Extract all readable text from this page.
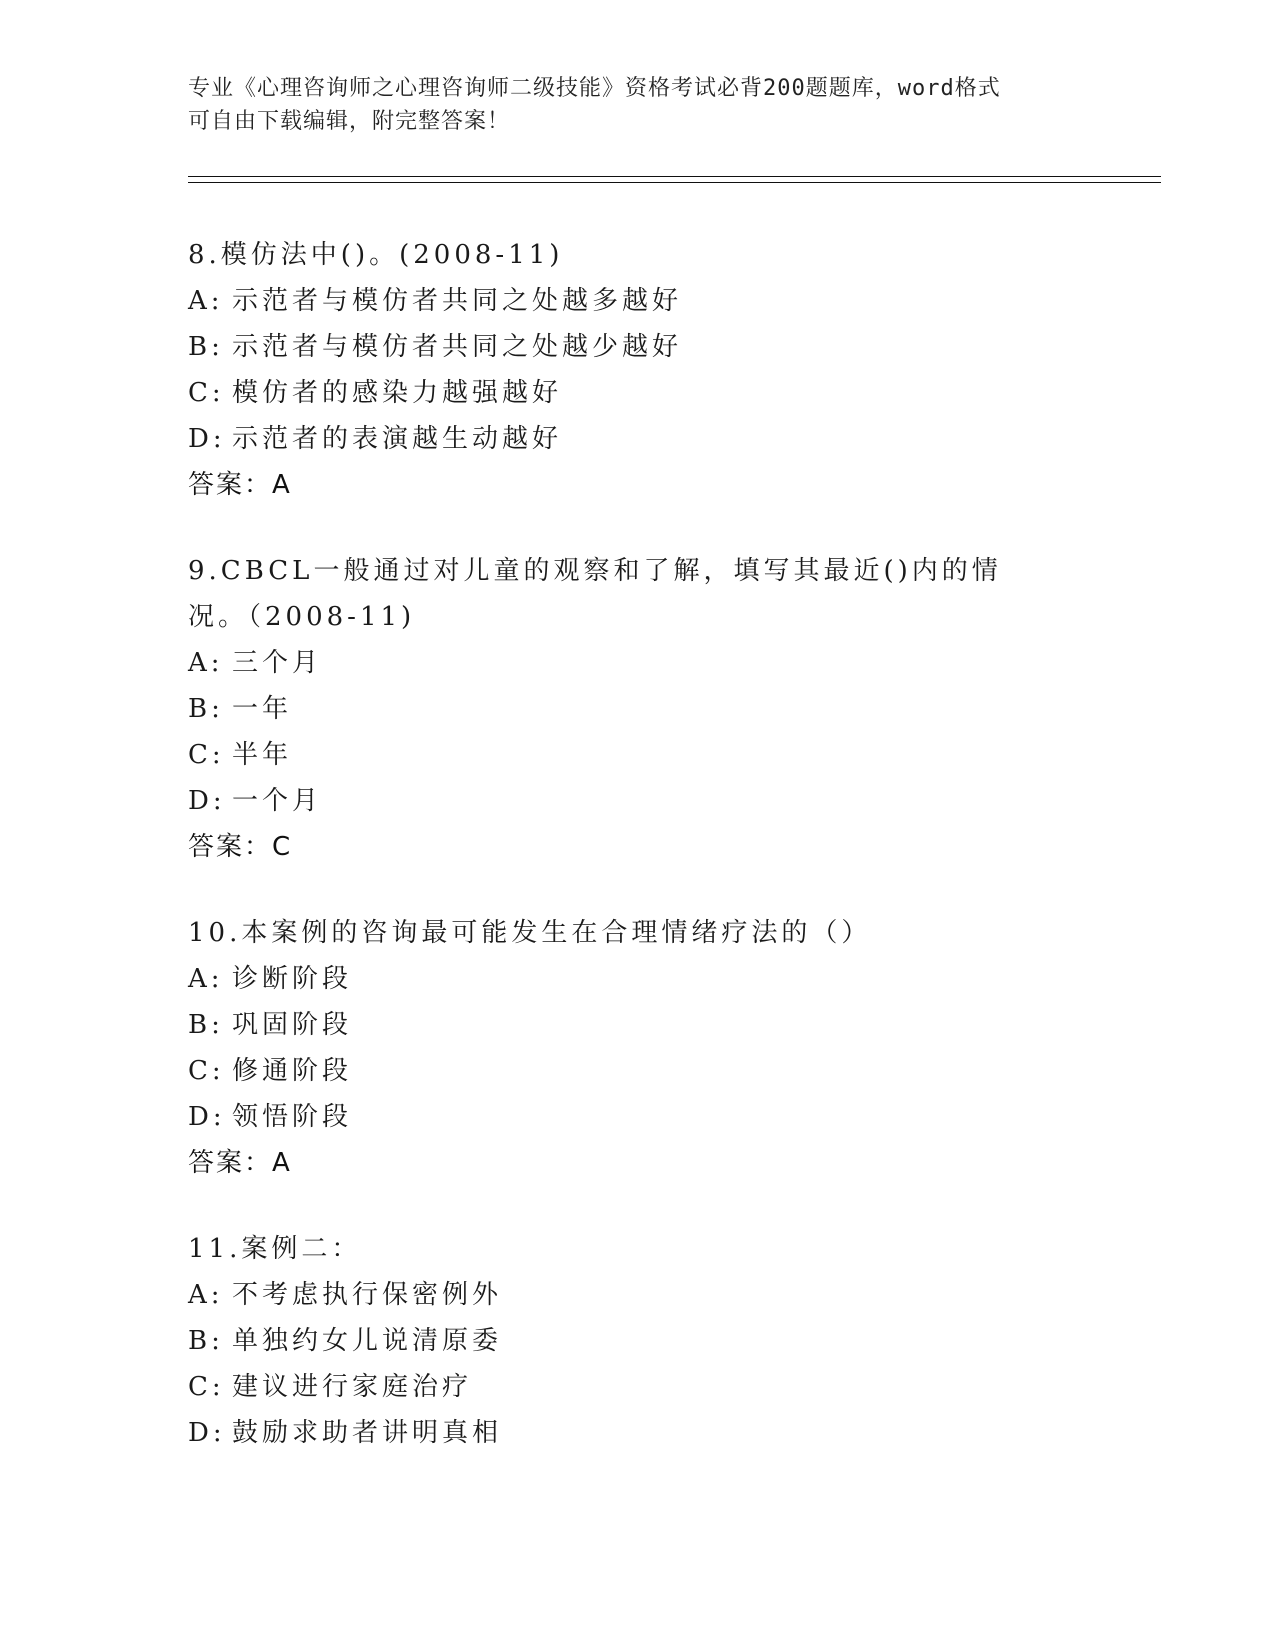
专业《心理咨询师之心理咨询师二级技能》资格考试必背200题题库，word格式
可自由下载编辑，附完整答案！
8.模仿法中()。(2008-11)
A: 示范者与模仿者共同之处越多越好
B: 示范者与模仿者共同之处越少越好
C: 模仿者的感染力越强越好
D: 示范者的表演越生动越好
答案：A
9.CBCL一般通过对儿童的观察和了解，填写其最近()内的情况。（2008-11)
A: 三个月
B: 一年
C: 半年
D: 一个月
答案：C
10.本案例的咨询最可能发生在合理情绪疗法的（）
A: 诊断阶段
B: 巩固阶段
C: 修通阶段
D: 领悟阶段
答案：A
11.案例二：
A: 不考虑执行保密例外
B: 单独约女儿说清原委
C: 建议进行家庭治疗
D: 鼓励求助者讲明真相
